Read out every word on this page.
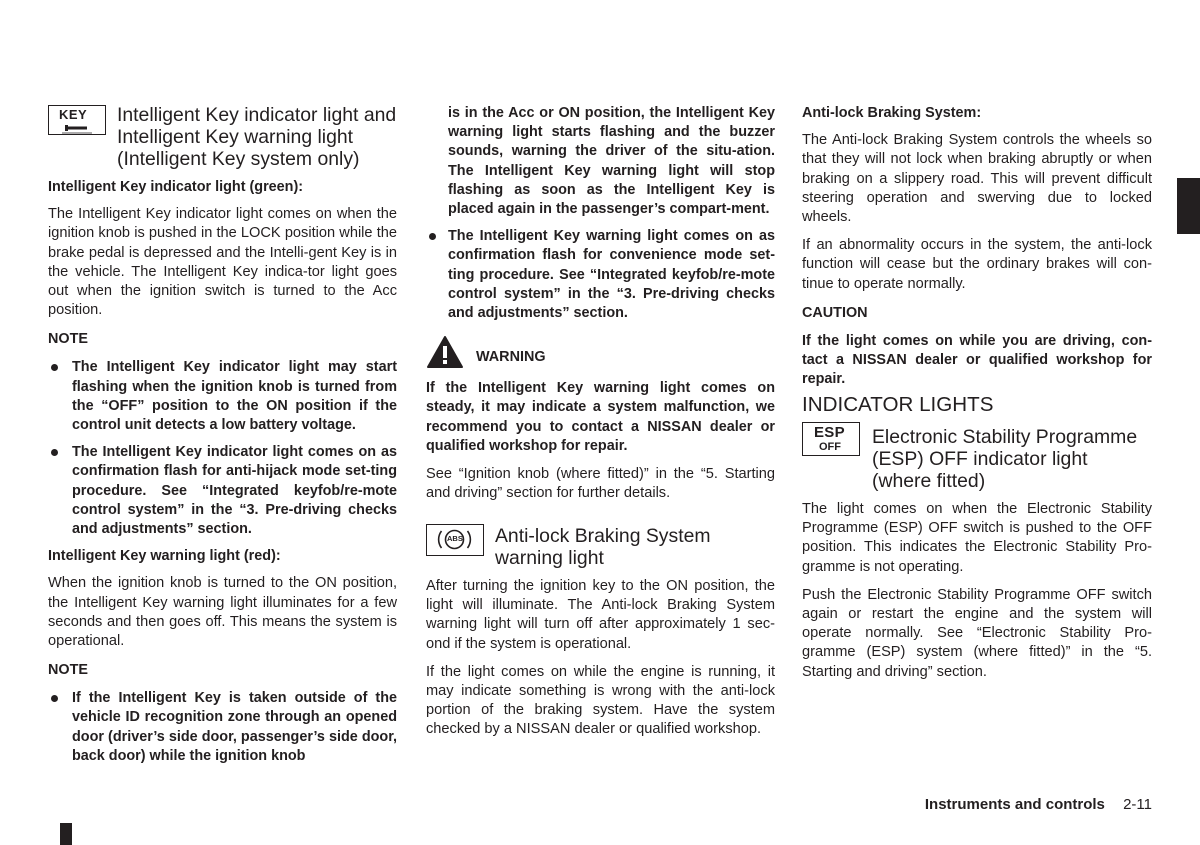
KEY Intelligent Key indicator light and
Intelligent Key warning light
(Intelligent Key system only)
Intelligent Key indicator light (green):

The Intelligent Key indicator light comes on when the ignition knob is pushed in the LOCK position while the brake pedal is depressed and the Intelli-gent Key is in the vehicle. The Intelligent Key indica-tor light goes out when the ignition switch is turned to the Acc position.

NOTE
The Intelligent Key indicator light may start flashing when the ignition knob is turned from the “OFF” position to the ON position if the control unit detects a low battery voltage.
The Intelligent Key indicator light comes on as confirmation flash for anti-hijack mode set-ting procedure. See “Integrated keyfob/re-mote control system” in the “3. Pre-driving checks and adjustments” section.
Intelligent Key warning light (red):

When the ignition knob is turned to the ON position, the Intelligent Key warning light illuminates for a few seconds and then goes off. This means the system is operational.

NOTE
If the Intelligent Key is taken outside of the vehicle ID recognition zone through an opened door (driver’s side door, passenger’s side door, back door) while the ignition knob
is in the Acc or ON position, the Intelligent Key warning light starts flashing and the buzzer sounds, warning the driver of the situ-ation. The Intelligent Key warning light will stop flashing as soon as the Intelligent Key is placed again in the passenger’s compart-ment.
The Intelligent Key warning light comes on as confirmation flash for convenience mode set-ting procedure. See “Integrated keyfob/re-mote control system” in the “3. Pre-driving checks and adjustments” section.
WARNING
If the Intelligent Key warning light comes on steady, it may indicate a system malfunction, we recommend you to contact a NISSAN dealer or qualified workshop for repair.

See “Ignition knob (where fitted)” in the “5. Starting and driving” section for further details.

ABS Anti-lock Braking System
warning light

After turning the ignition key to the ON position, the light will illuminate. The Anti-lock Braking System warning light will turn off after approximately 1 sec-ond if the system is operational.

If the light comes on while the engine is running, it may indicate something is wrong with the anti-lock portion of the braking system. Have the system checked by a NISSAN dealer or qualified workshop.

Anti-lock Braking System:

The Anti-lock Braking System controls the wheels so that they will not lock when braking abruptly or when braking on a slippery road. This will prevent difficult steering operation and swerving due to locked wheels.

If an abnormality occurs in the system, the anti-lock function will cease but the ordinary brakes will con-tinue to operate normally.

CAUTION
If the light comes on while you are driving, con-tact a NISSAN dealer or qualified workshop for repair.
INDICATOR LIGHTS
ESP
OFF Electronic Stability Programme
(ESP) OFF indicator light
(where fitted)

The light comes on when the Electronic Stability Programme (ESP) OFF switch is pushed to the OFF position. This indicates the Electronic Stability Pro-gramme is not operating.

Push the Electronic Stability Programme OFF switch again or restart the engine and the system will operate normally. See “Electronic Stability Pro-gramme (ESP) system (where fitted)” in the “5. Starting and driving” section.

Instruments and controls 2-11
